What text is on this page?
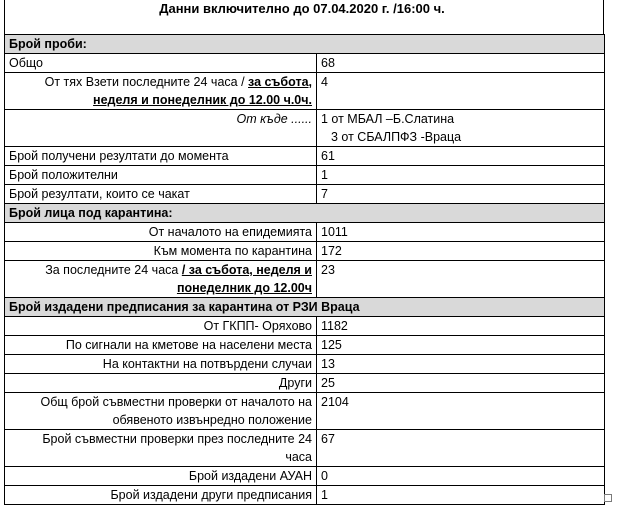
Данни включително до 07.04.2020 г. /16:00 ч.
Брой проби:	
Общо	68
От тях Взети последните 24 часа / за събота,
неделя и понеделник до 12.00 ч.0ч.	4
От къде ......	1 от МБАЛ –Б.Слатина
3 от СБАЛПФЗ -Враца
Брой получени резултати до момента	61
Брой положителни	1
Брой резултати, които се чакат	7
Брой лица под карантина:	
От началото на епидемията	1011
Към момента по карантина	172
За последните 24 часа / за събота, неделя и
понеделник до 12.00ч	23
Брой издадени предписания за карантина от РЗИ Враца	
От ГКПП- Оряхово	1182
По сигнали на кметове на населени места	125
На контактни на потвърдени случаи	13
Други	25
Общ брой съвместни проверки от началото на
обявеното извънредно положение	2104
Брой съвместни проверки през последните 24
часа	67
Брой издадени АУАН	0
Брой издадени други предписания	1
